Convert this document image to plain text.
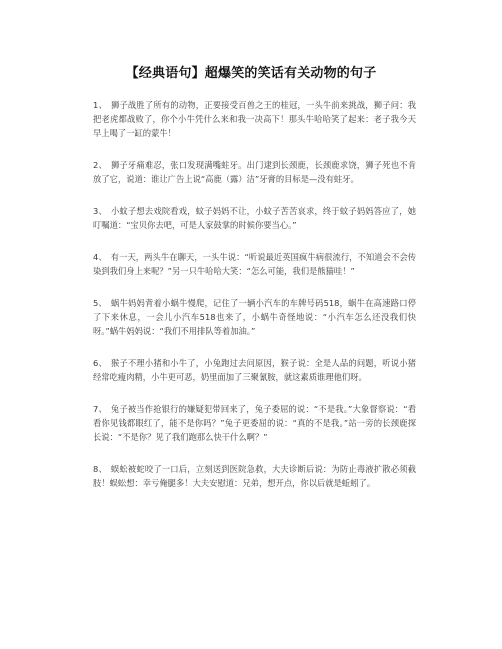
【经典语句】超爆笑的笑话有关动物的句子

1、 狮子战胜了所有的动物，正要接受百兽之王的桂冠，一头牛前来挑战，狮子问：我把老虎都战败了，你个小牛凭什么来和我一决高下！那头牛哈哈笑了起来：老子我今天早上喝了一缸的蒙牛！

2、 狮子牙痛难忍，张口发现满嘴蛀牙。出门逮到长颈鹿，长颈鹿求饶，狮子死也不肯放了它，说道：谁让广告上说“高鹿（露）洁”牙膏的目标是—没有蛀牙。

3、 小蚊子想去戏院看戏，蚊子妈妈不让，小蚊子苦苦哀求，终于蚊子妈妈答应了，她叮嘱道：“宝贝你去吧，可是人家鼓掌的时候你要当心。”

4、 有一天，两头牛在聊天，一头牛说：“听说最近英国疯牛病很流行，不知道会不会传染到我们身上来呢？”另一只牛哈哈大笑：“怎么可能，我们是熊猫哇！”

5、 蜗牛妈妈背着小蜗牛慢爬，记住了一辆小汽车的车牌号码518，蜗牛在高速路口停了下来休息，一会儿小汽车518也来了，小蜗牛奇怪地说：“小汽车怎么还没我们快呀。”蜗牛妈妈说：“我们不用排队等着加油。”

6、 猴子不理小猪和小牛了，小兔跑过去问原因，猴子说：全是人品的问题，听说小猪经常吃瘦肉精，小牛更可恶，奶里面加了三聚氰胺，就这素质谁理他们呀。

7、 兔子被当作抢银行的嫌疑犯带回来了，兔子委屈的说：“不是我。”大象督察说：“看看你见钱都眼红了，能不是你吗？”兔子更委屈的说：“真的不是我。”站一旁的长颈鹿探长说：“不是你？见了我们跑那么快干什么啊？”

8、 蜈蚣被蛇咬了一口后，立刻送到医院急救，大夫诊断后说：为防止毒液扩散必须截肢！蜈蚣想：幸亏俺腿多！大夫安慰道：兄弟，想开点，你以后就是蚯蚓了。
